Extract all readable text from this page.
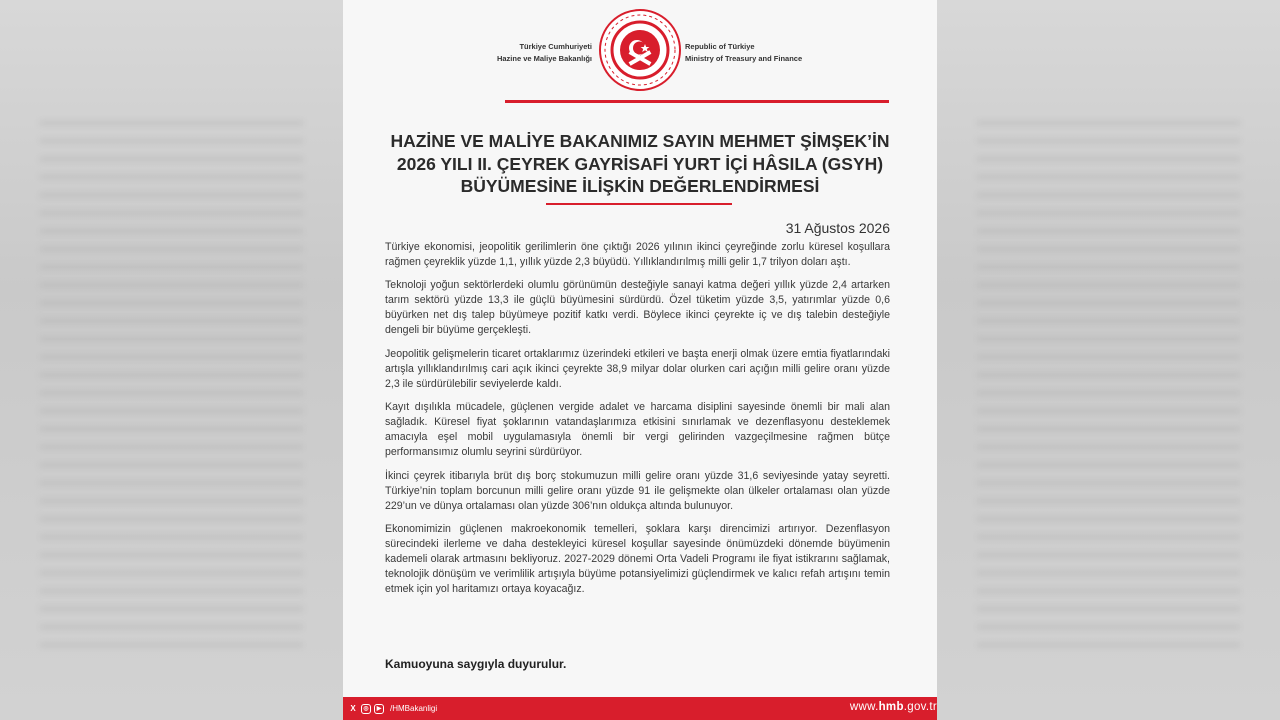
Türkiye Cumhuriyeti
Hazine ve Maliye Bakanlığı
Republic of Türkiye
Ministry of Treasury and Finance
HAZİNE VE MALİYE BAKANIMIZ SAYIN MEHMET ŞİMŞEK’İN
2026 YILI II. ÇEYREK GAYRİSAFİ YURT İÇİ HÂSILA (GSYH)
BÜYÜMESİNE İLİŞKİN DEĞERLENDİRMESİ
31 Ağustos 2026

Türkiye ekonomisi, jeopolitik gerilimlerin öne çıktığı 2026 yılının ikinci çeyreğinde zorlu küresel koşullara rağmen çeyreklik yüzde 1,1, yıllık yüzde 2,3 büyüdü. Yıllıklandırılmış milli gelir 1,7 trilyon doları aştı.

Teknoloji yoğun sektörlerdeki olumlu görünümün desteğiyle sanayi katma değeri yıllık yüzde 2,4 artarken tarım sektörü yüzde 13,3 ile güçlü büyümesini sürdürdü. Özel tüketim yüzde 3,5, yatırımlar yüzde 0,6 büyürken net dış talep büyümeye pozitif katkı verdi. Böylece ikinci çeyrekte iç ve dış talebin desteğiyle dengeli bir büyüme gerçekleşti.

Jeopolitik gelişmelerin ticaret ortaklarımız üzerindeki etkileri ve başta enerji olmak üzere emtia fiyatlarındaki artışla yıllıklandırılmış cari açık ikinci çeyrekte 38,9 milyar dolar olurken cari açığın milli gelire oranı yüzde 2,3 ile sürdürülebilir seviyelerde kaldı.

Kayıt dışılıkla mücadele, güçlenen vergide adalet ve harcama disiplini sayesinde önemli bir mali alan sağladık. Küresel fiyat şoklarının vatandaşlarımıza etkisini sınırlamak ve dezenflasyonu desteklemek amacıyla eşel mobil uygulamasıyla önemli bir vergi gelirinden vazgeçilmesine rağmen bütçe performansımız olumlu seyrini sürdürüyor.

İkinci çeyrek itibarıyla brüt dış borç stokumuzun milli gelire oranı yüzde 31,6 seviyesinde yatay seyretti. Türkiye’nin toplam borcunun milli gelire oranı yüzde 91 ile gelişmekte olan ülkeler ortalaması olan yüzde 229’un ve dünya ortalaması olan yüzde 306’nın oldukça altında bulunuyor.

Ekonomimizin güçlenen makroekonomik temelleri, şoklara karşı direncimizi artırıyor. Dezenflasyon sürecindeki ilerleme ve daha destekleyici küresel koşullar sayesinde önümüzdeki dönemde büyümenin kademeli olarak artmasını bekliyoruz. 2027-2029 dönemi Orta Vadeli Programı ile fiyat istikrarını sağlamak, teknolojik dönüşüm ve verimlilik artışıyla büyüme potansiyelimizi güçlendirmek ve kalıcı refah artışını temin etmek için yol haritamızı ortaya koyacağız.

Kamuoyuna saygıyla duyurulur.
X	◎	▶	/HMBakanligi	www.hmb.gov.tr
